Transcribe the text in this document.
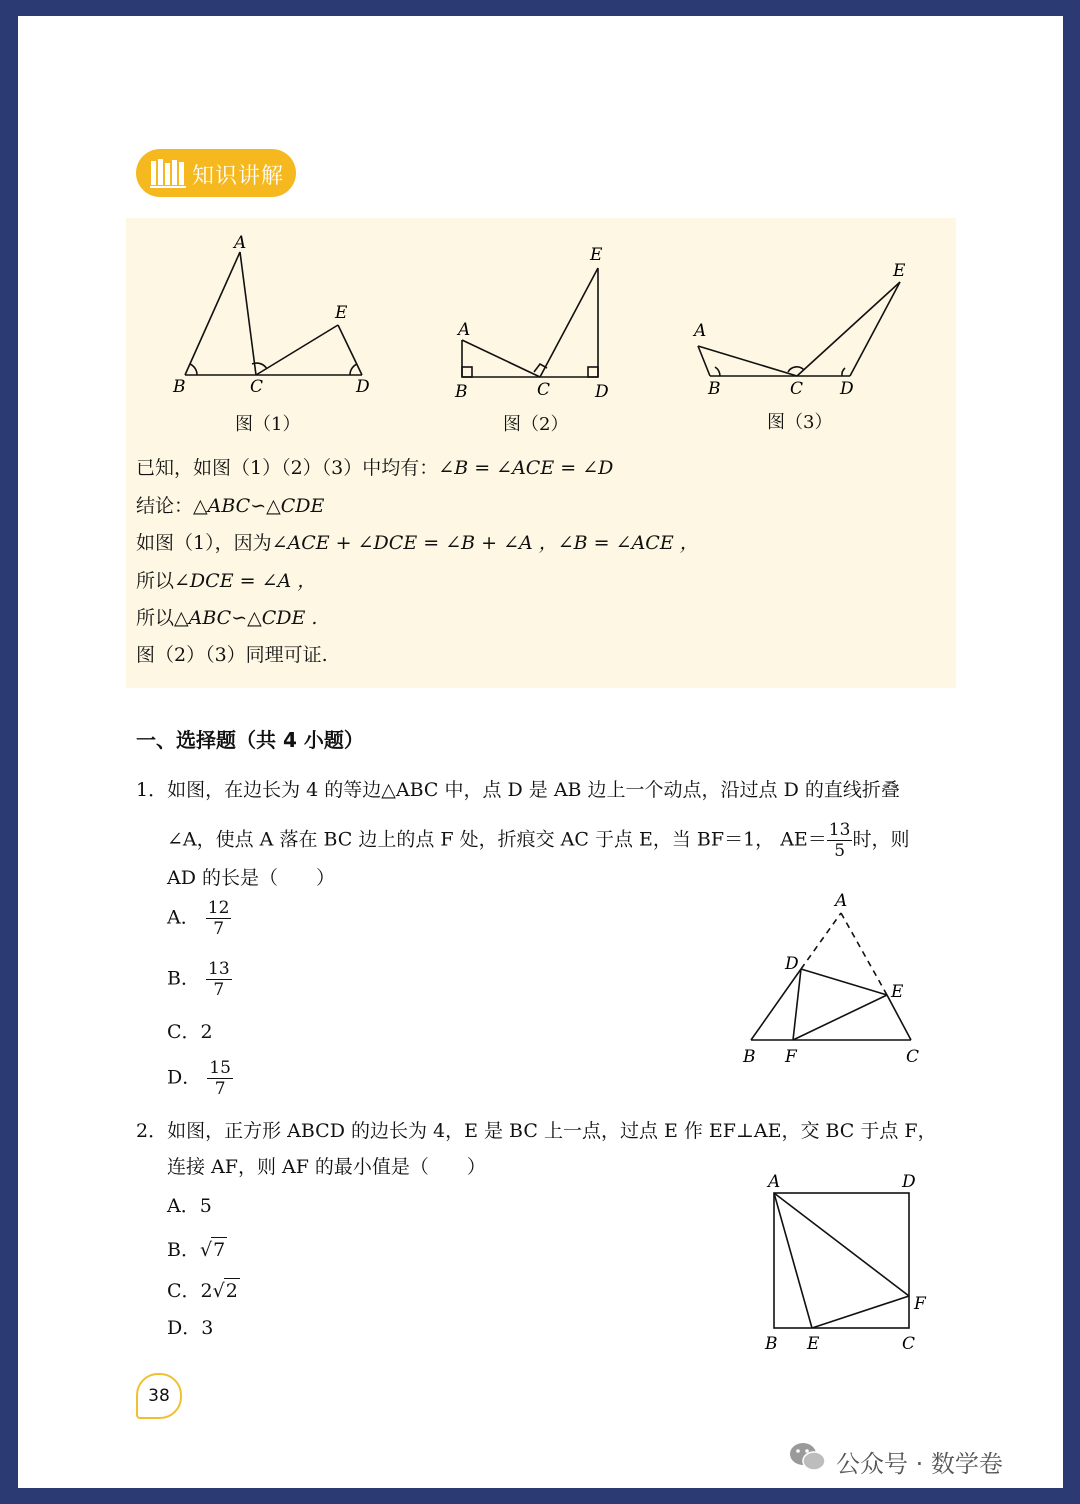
知识讲解
A
B	C	D
E
图（1）
A
B	C	D
E
图（2）
A
B	C D
E
图（3）
已知，如图（1）（2）（3）中均有：∠B = ∠ACE = ∠D
结论：△ABC∽△CDE
如图（1），因为∠ACE + ∠DCE = ∠B + ∠A ，∠B = ∠ACE ，
所以∠DCE = ∠A ，
所以△ABC∽△CDE .
图（2）（3）同理可证.
一、选择题（共 4 小题）
1．如图，在边长为 4 的等边△ABC 中，点 D 是 AB 边上一个动点，沿过点 D 的直线折叠
∠A，使点 A 落在 BC 边上的点 F 处，折痕交 AC 于点 E，当 BF＝1， $AE= \frac{13}{5}$ 时，则
AD 的长是（　　）
A． $\frac{12}{7}$
B． $\frac{13}{7}$
C．2
D． $\frac{15}{7}$
A
D
E
B F	C
2．如图，正方形 ABCD 的边长为 4，E 是 BC 上一点，过点 E 作 EF⊥AE，交 BC 于点 F，
连接 AF，则 AF 的最小值是（　　）
A．5
B．√7
C．2√2
D．3
A	D
B E	C
F
38
公众号 · 数学卷
